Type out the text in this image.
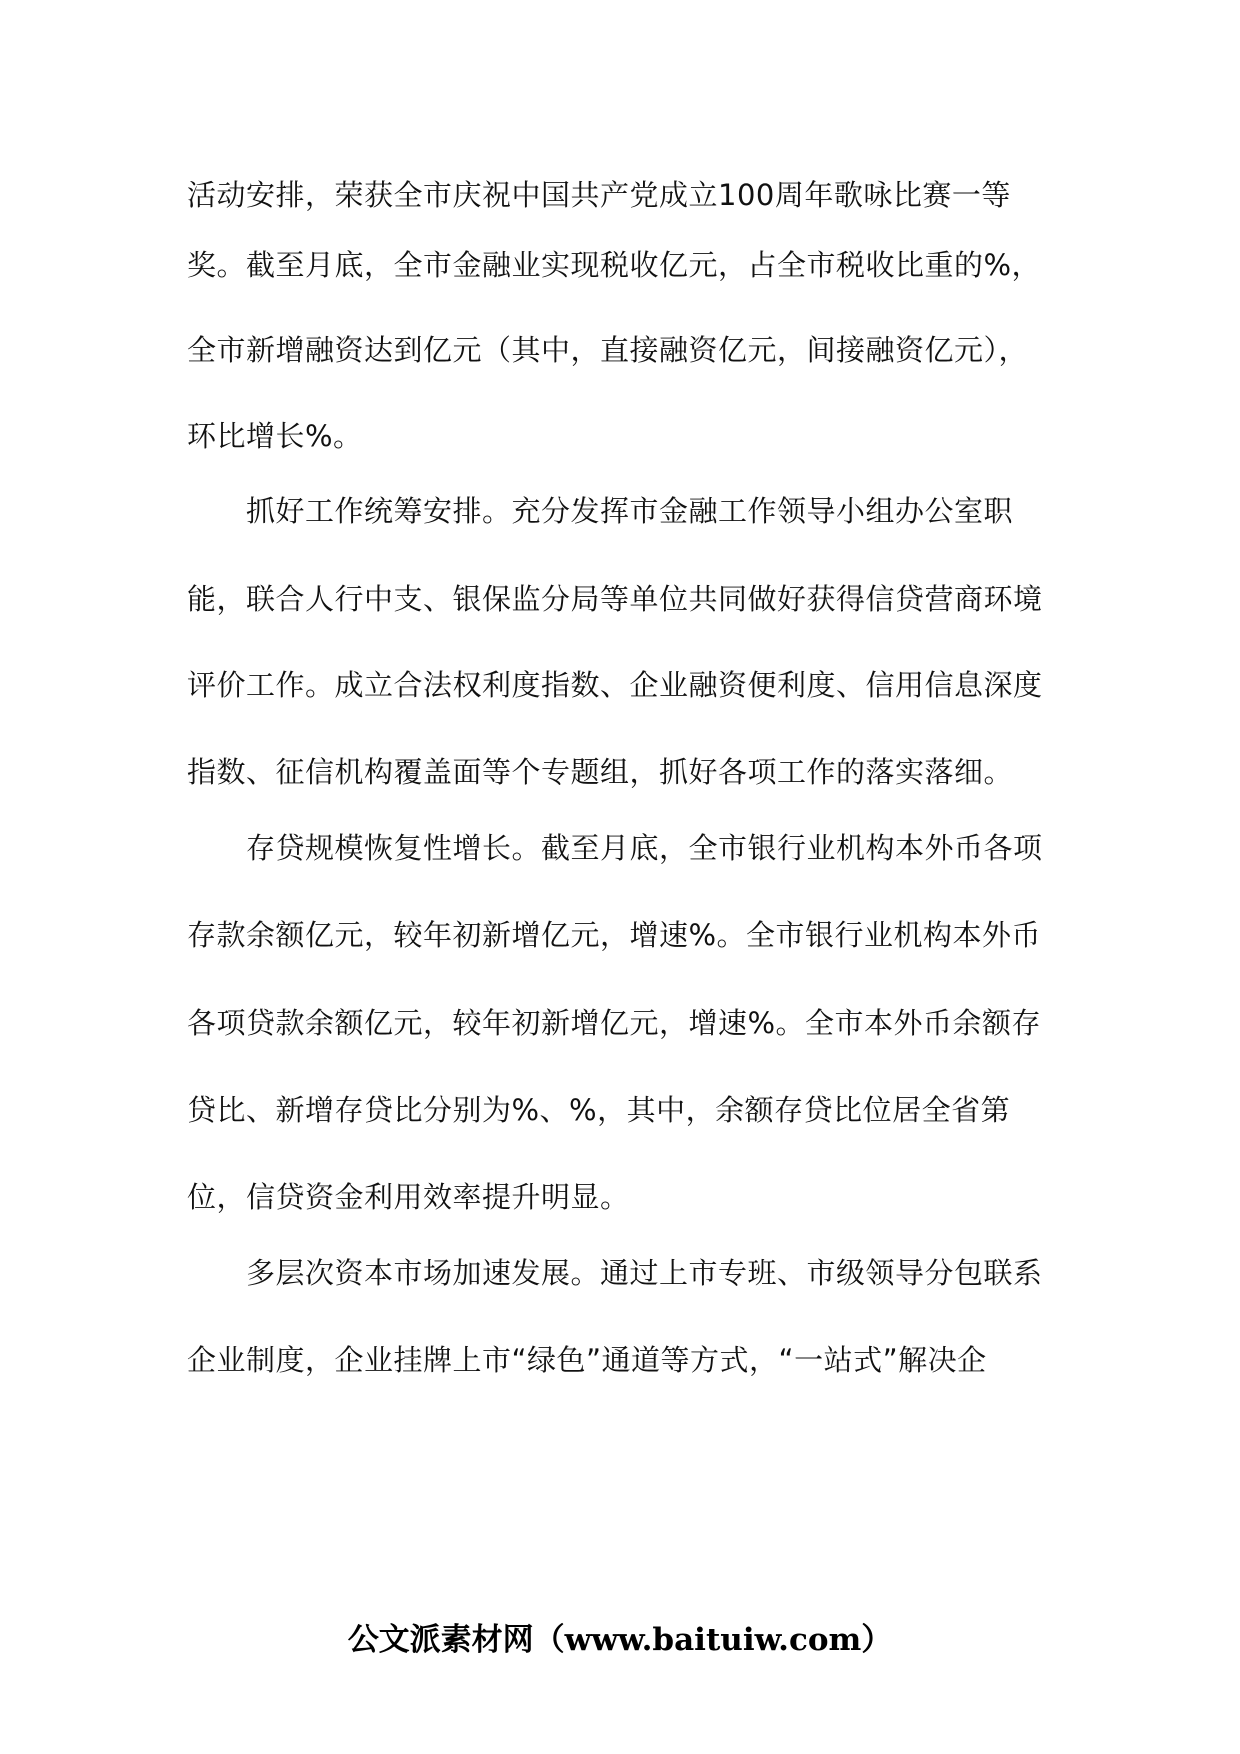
活动安排，荣获全市庆祝中国共产党成立100周年歌咏比赛一等
奖。截至月底，全市金融业实现税收亿元，占全市税收比重的%，
全市新增融资达到亿元（其中，直接融资亿元，间接融资亿元），
环比增长%。
抓好工作统筹安排。充分发挥市金融工作领导小组办公室职
能，联合人行中支、银保监分局等单位共同做好获得信贷营商环境
评价工作。成立合法权利度指数、企业融资便利度、信用信息深度
指数、征信机构覆盖面等个专题组，抓好各项工作的落实落细。
存贷规模恢复性增长。截至月底，全市银行业机构本外币各项
存款余额亿元，较年初新增亿元，增速%。全市银行业机构本外币
各项贷款余额亿元，较年初新增亿元，增速%。全市本外币余额存
贷比、新增存贷比分别为%、%，其中，余额存贷比位居全省第
位，信贷资金利用效率提升明显。
多层次资本市场加速发展。通过上市专班、市级领导分包联系
企业制度，企业挂牌上市“绿色”通道等方式，“一站式”解决企
公文派素材网（www.baituiw.com）
